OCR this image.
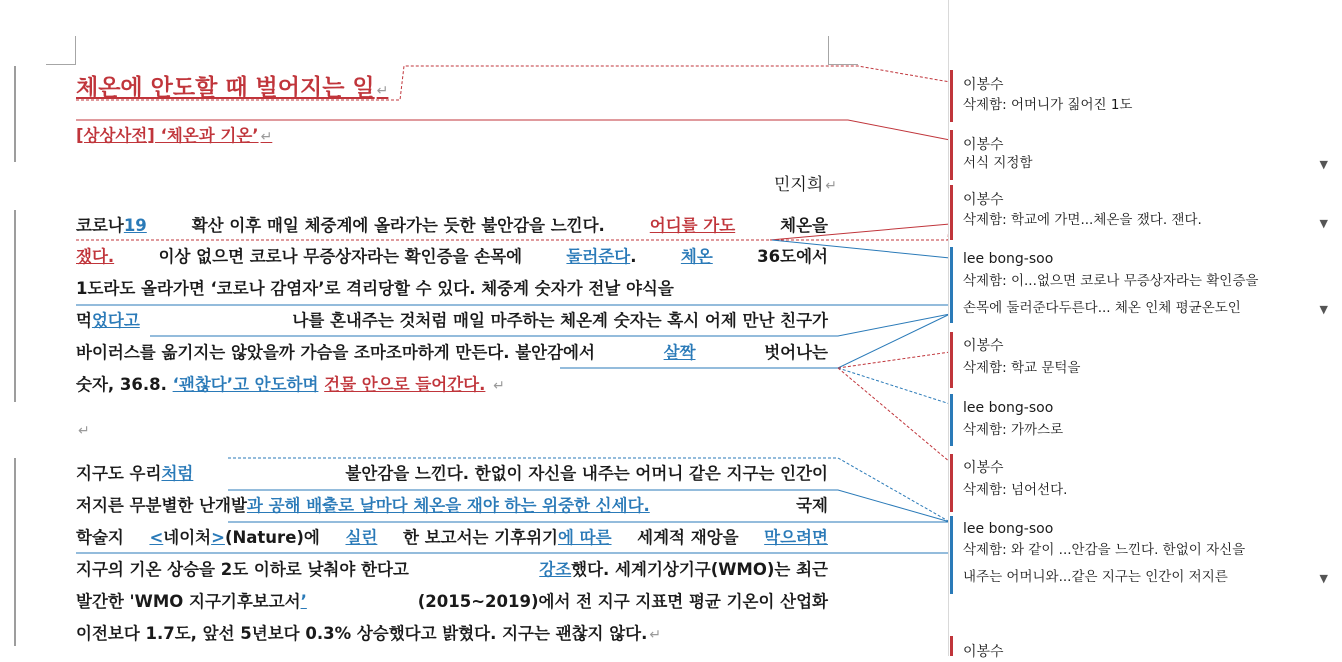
체온에 안도할 때 벌어지는 일 ↵
[상상사전] ‘체온과 기온’ ↵
민지희 ↵
코로나19	확산 이후 매일 체중계에 올라가는 듯한 불안감을 느낀다.	어디를 가도	체온을
쟀다.	이상 없으면 코로나 무증상자라는 확인증을 손목에	둘러준다.	체온	36도에서
1도라도 올라가면 ‘코로나 감염자’로 격리당할 수 있다. 체중계 숫자가 전날 야식을
먹었다고	나를 혼내주는 것처럼 매일 마주하는 체온계 숫자는 혹시 어제 만난 친구가
바이러스를 옮기지는 않았을까 가슴을 조마조마하게 만든다. 불안감에서	살짝	벗어나는
숫자, 36.8. ‘괜찮다’고 안도하며 건물 안으로 들어간다. ↵
↵
지구도 우리처럼	불안감을 느낀다. 한없이 자신을 내주는 어머니 같은 지구는 인간이
저지른 무분별한 난개발과 공해 배출로 날마다 체온을 재야 하는 위중한 신세다.	국제
학술지 <네이처>(Nature)에 실린 한 보고서는 기후위기에 따른 세계적 재앙을 막으려면
지구의 기온 상승을 2도 이하로 낮춰야 한다고	강조했다. 세계기상기구(WMO)는 최근
발간한 'WMO 지구기후보고서’	(2015~2019)에서 전 지구 지표면 평균 기온이 산업화
이전보다 1.7도, 앞선 5년보다 0.3% 상승했다고 밝혔다. 지구는 괜찮지 않다. ↵
이봉수
삭제함: 어머니가 짊어진 1도
이봉수
서식 지정함	▼
이봉수
삭제함: 학교에 가면...체온을 쟀다. 잰다.	▼
lee bong-soo
삭제함: 이...없으면 코로나 무증상자라는 확인증을
손목에 둘러준다두른다... 체온 인체 평균온도인	▼
이봉수
삭제함: 학교 문턱을
lee bong-soo
삭제함: 가까스로
이봉수
삭제함: 넘어선다.
lee bong-soo
삭제함: 와 같이 ...안감을 느낀다. 한없이 자신을
내주는 어머니와...같은 지구는 인간이 저지른	▼
이봉수
